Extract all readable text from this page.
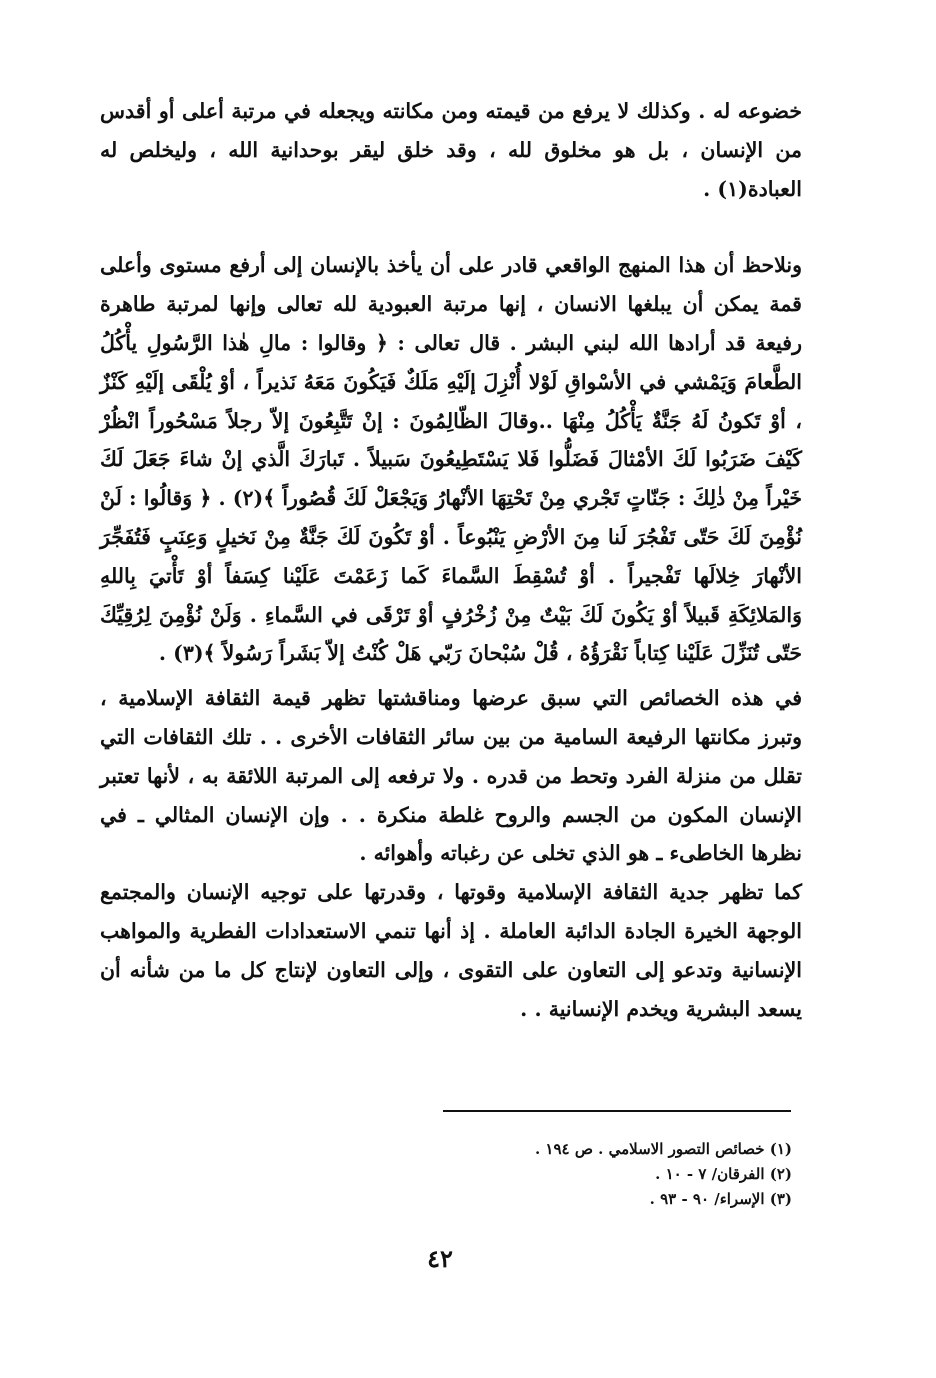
خضوعه له . وكذلك لا يرفع من قيمته ومن مكانته ويجعله في مرتبة أعلى أو أقدس من الإنسان ، بل هو مخلوق لله ، وقد خلق ليقر بوحدانية الله ، وليخلص له العبادة(١) .

ونلاحظ أن هذا المنهج الواقعي قادر على أن يأخذ بالإنسان إلى أرفع مستوى وأعلى قمة يمكن أن يبلغها الانسان ، إنها مرتبة العبودية لله تعالى وإنها لمرتبة طاهرة رفيعة قد أرادها الله لبني البشر . قال تعالى : ﴿ وقالوا : مالِ هٰذا الرَّسُولِ يأْكُلُ الطَّعامَ وَيَمْشي في الأسْواقِ لَوْلا أُنْزِلَ إلَيْهِ مَلَكٌ فَيَكُونَ مَعَهُ نَذيراً ، أوْ يُلْقَى إلَيْهِ كَنْزٌ ، أوْ تَكونُ لَهُ جَنَّةٌ يَأْكُلُ مِنْهَا ..وقالَ الظّالِمُونَ : إنْ تَتَّبِعُونَ إلاّ رجلاً مَسْحُوراً انْظُرْ كَيْفَ ضَرَبُوا لَكَ الأمْثالَ فَضَلُّوا فَلا يَسْتَطِيعُونَ سَبيلاً . تَبارَكَ الَّذي إنْ شاءَ جَعَلَ لَكَ خَيْراً مِنْ ذٰلِكَ : جَنّاتٍ تَجْري مِنْ تَحْتِهَا الأنْهارُ وَيَجْعَلْ لَكَ قُصُوراً ﴾(٢) . ﴿ وَقالُوا : لَنْ نُؤْمِنَ لَكَ حَتّى تَفْجُرَ لَنا مِنَ الأرْضِ يَنْبُوعاً . أوْ تَكُونَ لَكَ جَنَّةٌ مِنْ نَخيلٍ وَعِنَبٍ فَتُفَجِّرَ الأنْهارَ خِلالَها تَفْجيراً . أوْ تُسْقِطَ السَّماءَ كَما زَعَمْتَ عَلَيْنا كِسَفاً أوْ تَأْتيَ بِاللهِ وَالمَلائِكَةِ قَبيلاً أوْ يَكُونَ لَكَ بَيْتٌ مِنْ زُخْرُفٍ أوْ تَرْقَى في السَّماءِ . وَلَنْ نُؤْمِنَ لِرُقِيِّكَ حَتّى تُنَزِّلَ عَلَيْنا كِتاباً نَقْرَؤُهُ ، قُلْ سُبْحانَ رَبّي هَلْ كُنْتُ إلاّ بَشَراً رَسُولاً ﴾(٣) .

في هذه الخصائص التي سبق عرضها ومناقشتها تظهر قيمة الثقافة الإسلامية ، وتبرز مكانتها الرفيعة السامية من بين سائر الثقافات الأخرى . . تلك الثقافات التي تقلل من منزلة الفرد وتحط من قدره . ولا ترفعه إلى المرتبة اللائقة به ، لأنها تعتبر الإنسان المكون من الجسم والروح غلطة منكرة . . وإن الإنسان المثالي ـ في نظرها الخاطىء ـ هو الذي تخلى عن رغباته وأهوائه .

كما تظهر جدية الثقافة الإسلامية وقوتها ، وقدرتها على توجيه الإنسان والمجتمع الوجهة الخيرة الجادة الدائبة العاملة . إذ أنها تنمي الاستعدادات الفطرية والمواهب الإنسانية وتدعو إلى التعاون على التقوى ، وإلى التعاون لإنتاج كل ما من شأنه أن يسعد البشرية ويخدم الإنسانية . .

(١) خصائص التصور الاسلامي . ص ١٩٤ .

(٢) الفرقان/ ٧ - ١٠ .

(٣) الإسراء/ ٩٠ - ٩٣ .

٤٢
